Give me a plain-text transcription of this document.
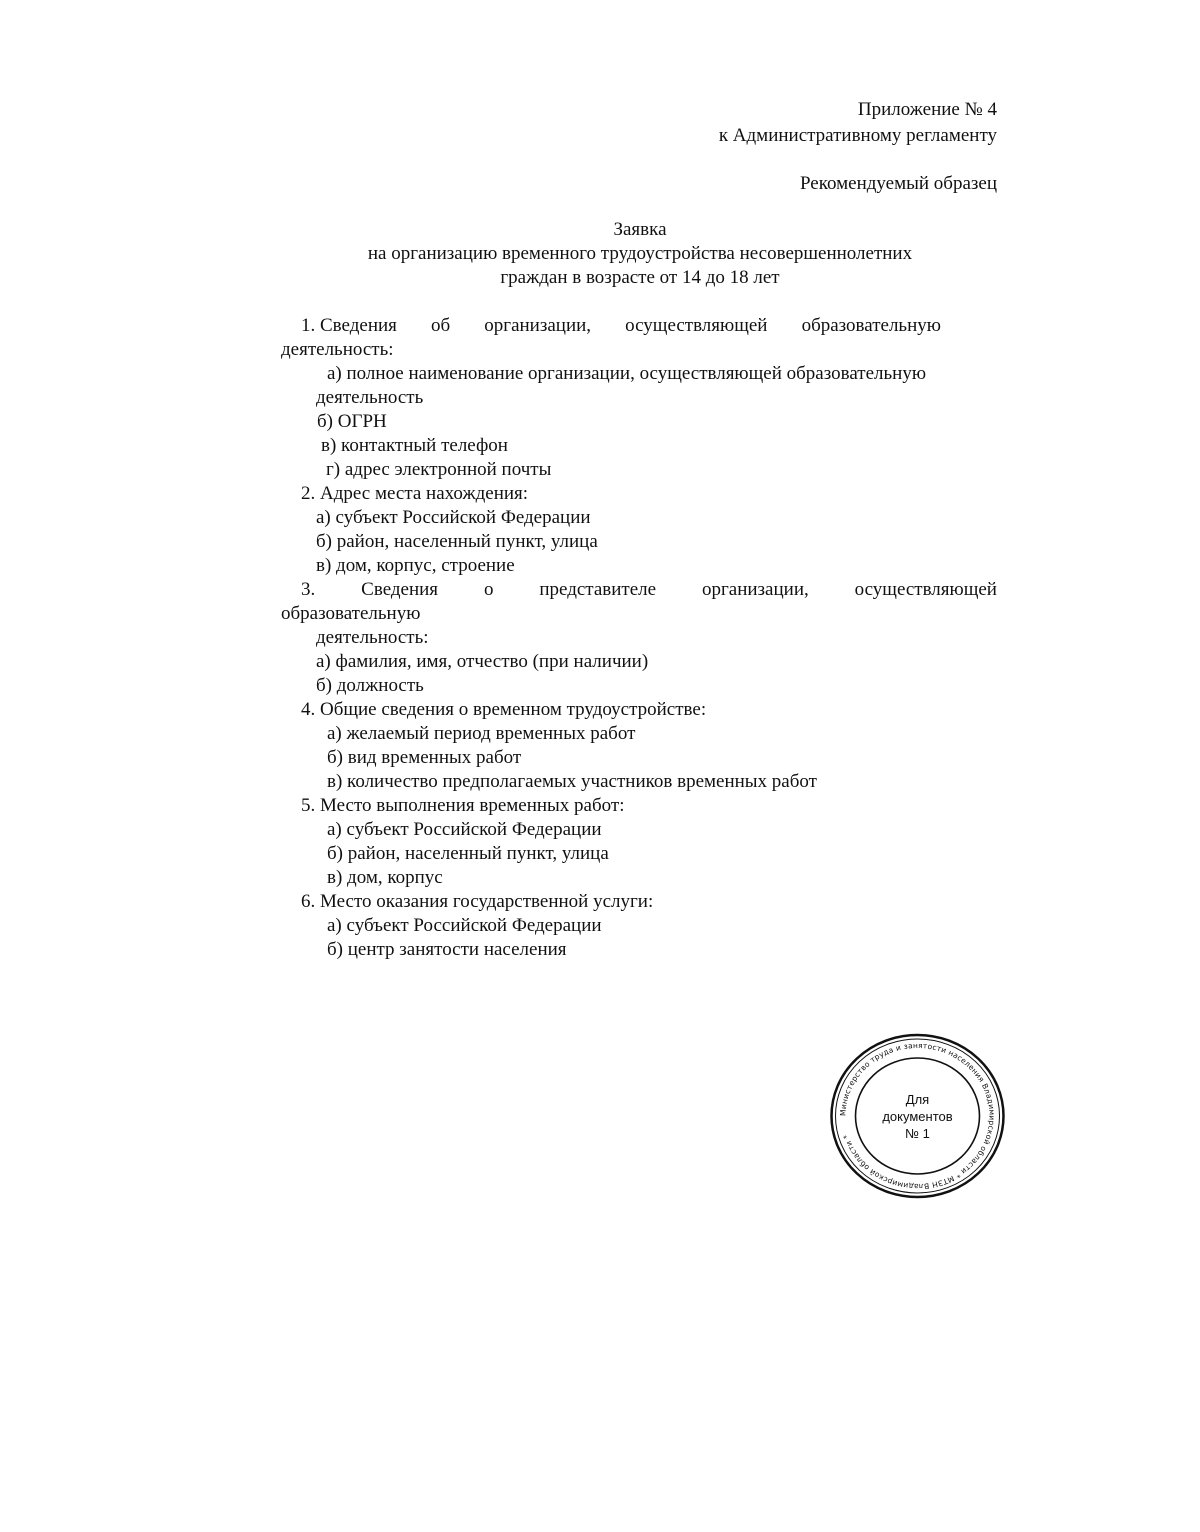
Приложение № 4
к Административному регламенту
Рекомендуемый образец
Заявка
на организацию временного трудоустройства несовершеннолетних
граждан в возрасте от 14 до 18 лет
1. Сведения об организации, осуществляющей образовательную
деятельность:
а) полное наименование организации, осуществляющей образовательную
деятельность
б) ОГРН
в) контактный телефон
г) адрес электронной почты
2. Адрес места нахождения:
а) субъект Российской Федерации
б) район, населенный пункт, улица
в) дом, корпус, строение
3. Сведения о представителе организации, осуществляющей
образовательную
деятельность:
а) фамилия, имя, отчество (при наличии)
б) должность
4. Общие сведения о временном трудоустройстве:
а) желаемый период временных работ
б) вид временных работ
в) количество предполагаемых участников временных работ
5. Место выполнения временных работ:
а) субъект Российской Федерации
б) район, населенный пункт, улица
в) дом, корпус
6. Место оказания государственной услуги:
а) субъект Российской Федерации
б) центр занятости населения
Министерство труда и занятости населения Владимирской области * МТЗН Владимирской области *
Для
документов
№ 1
